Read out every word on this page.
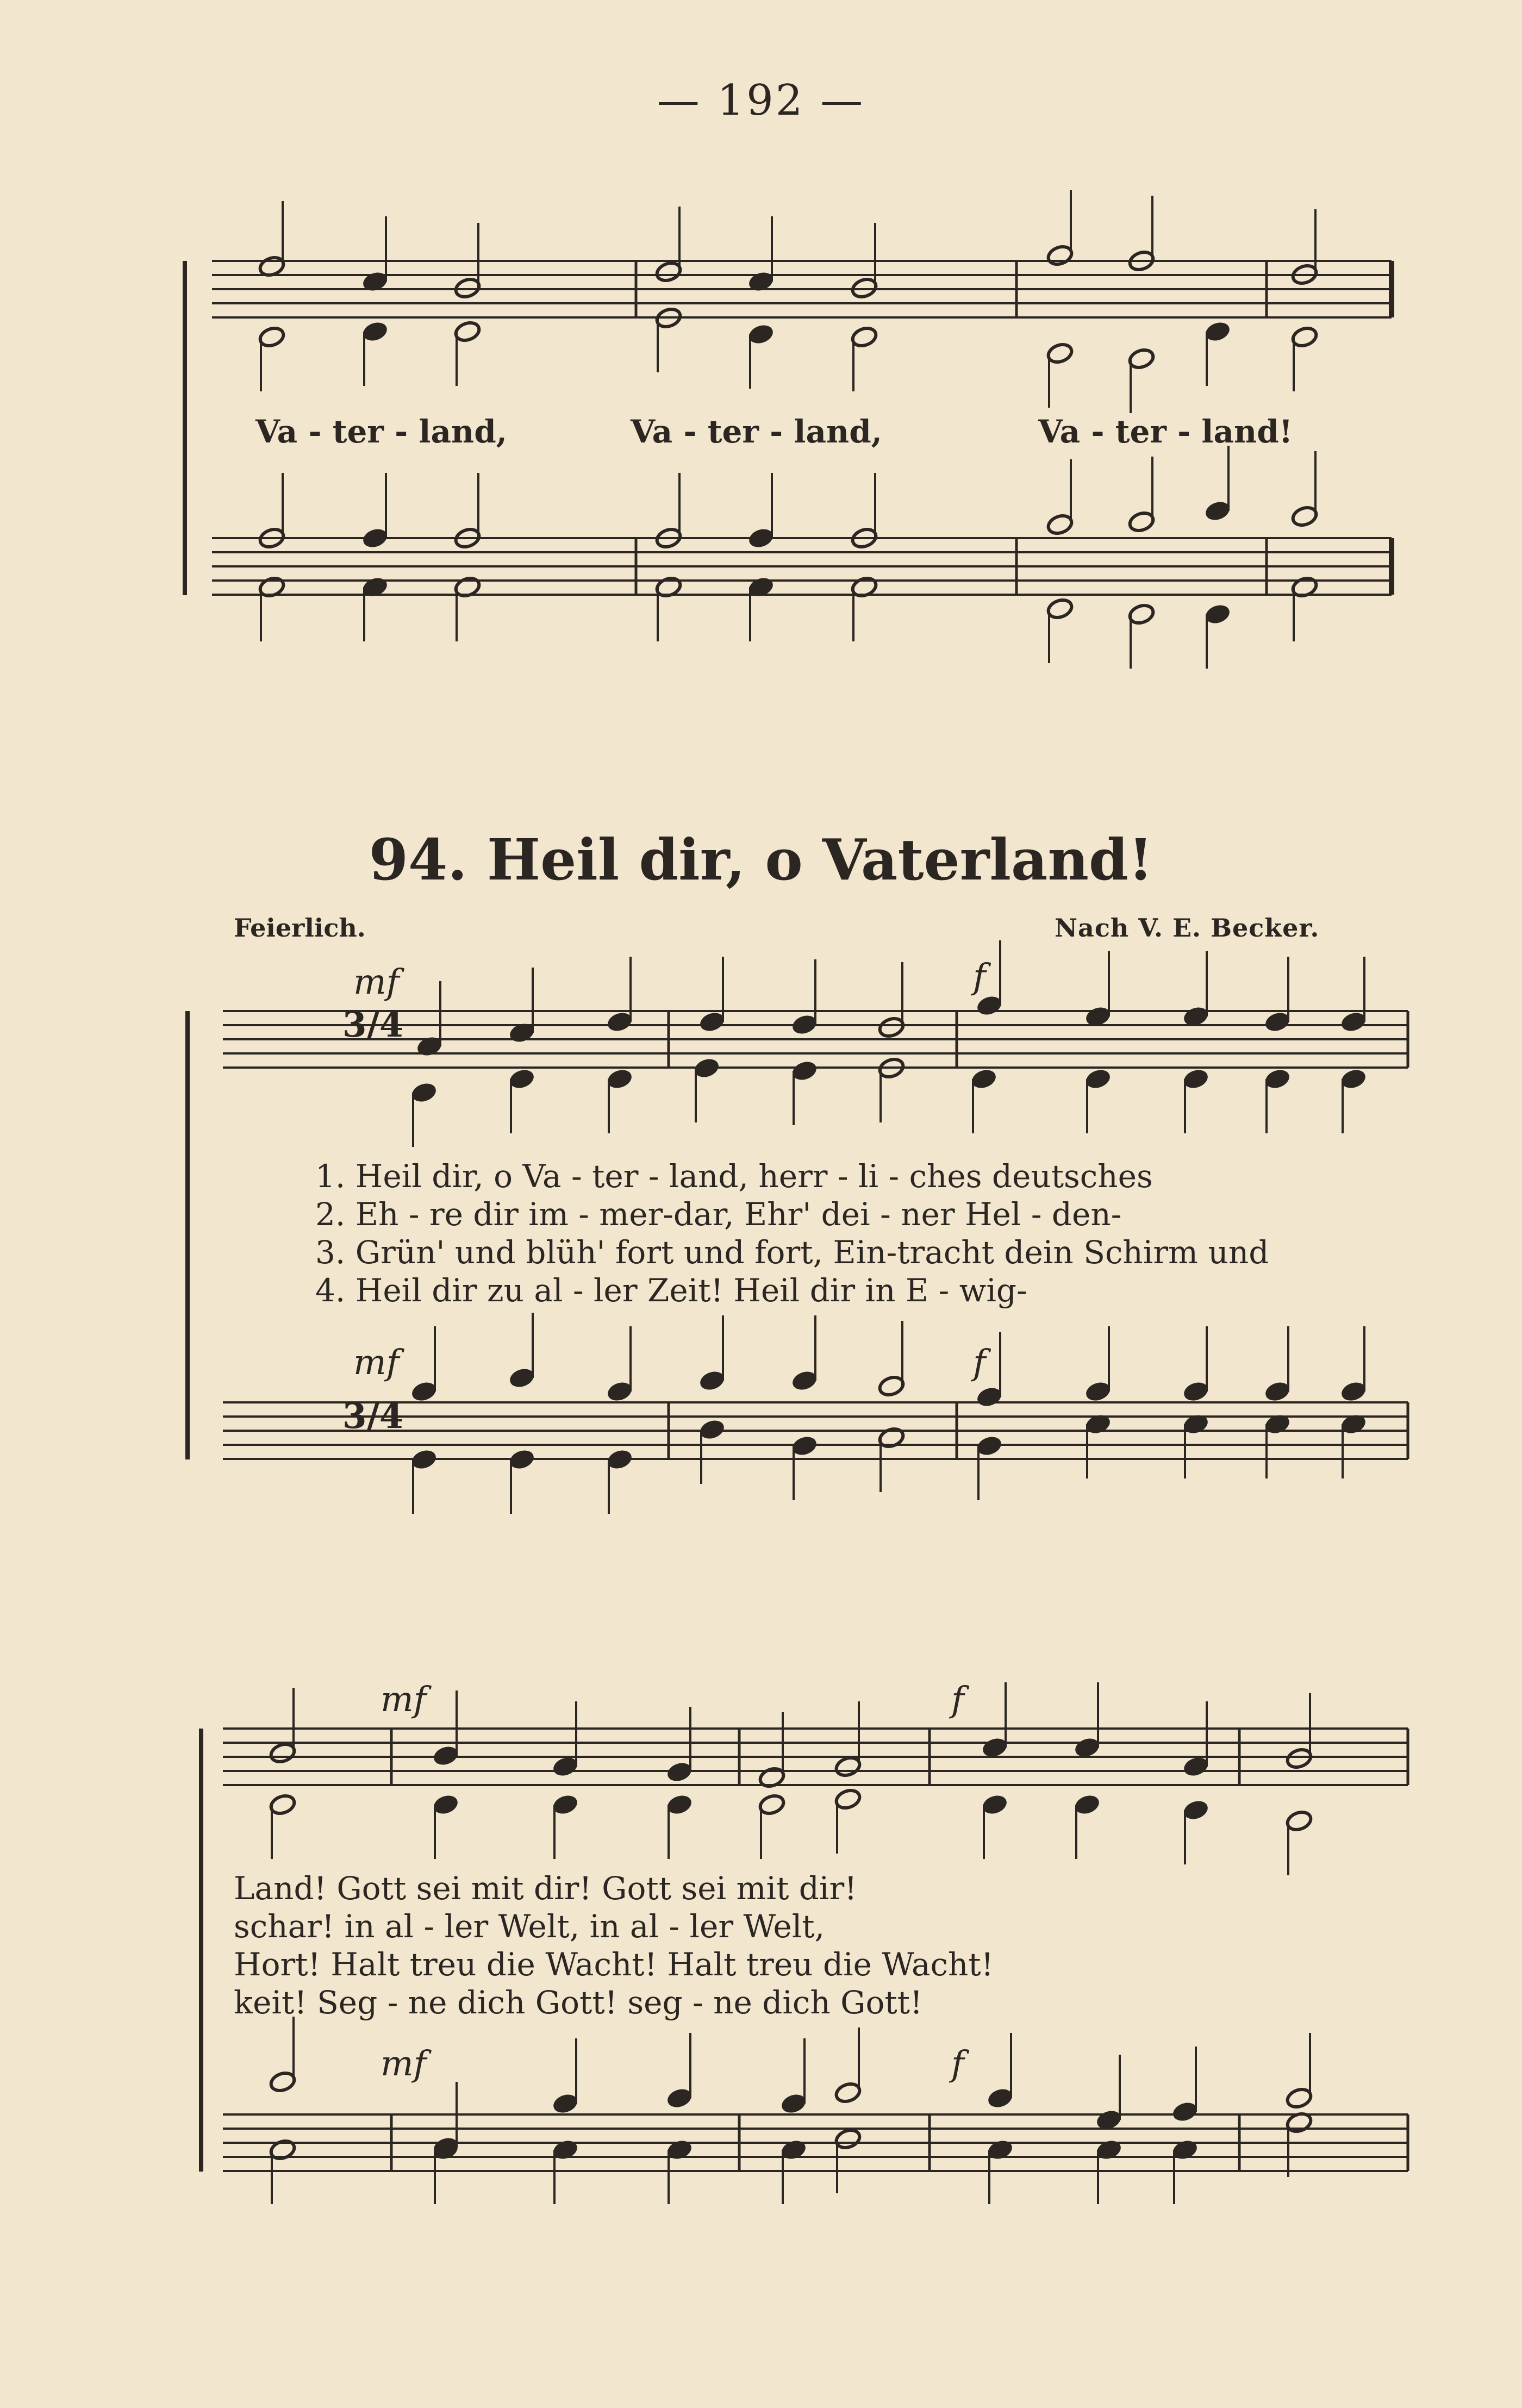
— 192 —
Va - ter - land,	Va - ter - land,	Va - ter - land!
94. Heil dir, o Vaterland!
Feierlich.	Nach V. E. Becker.
mf	f
mf	f
1. Heil dir, o Va - ter - land, herr - li - ches deutsches
2. Eh - re dir im - mer-dar, Ehr' dei - ner Hel - den-
3. Grün' und blüh' fort und fort, Ein-tracht dein Schirm und
4. Heil dir zu al - ler Zeit! Heil dir in E - wig-
mf	f
mf	f
Land! Gott sei mit dir! Gott sei mit dir!
schar! in al - ler Welt, in al - ler Welt,
Hort! Halt treu die Wacht! Halt treu die Wacht!
keit! Seg - ne dich Gott! seg - ne dich Gott!
3/4
3/4
